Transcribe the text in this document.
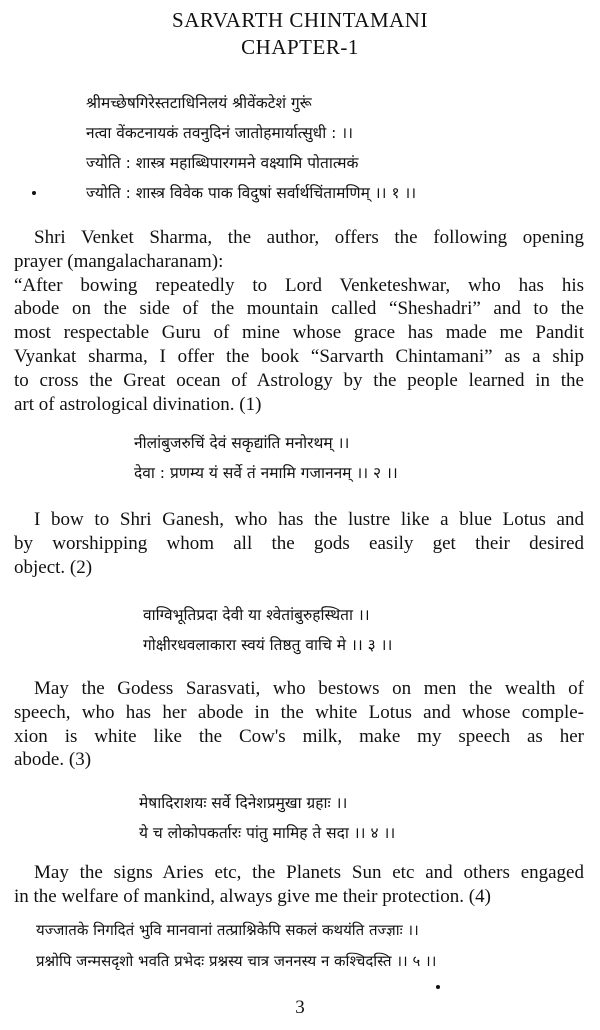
SARVARTH CHINTAMANI
CHAPTER-1
श्रीमच्छेषगिरेस्तटाधिनिलयं श्रीवेंकटेशं गुरूं
नत्वा वेंकटनायकं तवनुदिनं जातोहमार्यात्सुधी : ।।
ज्योति : शास्त्र महाब्धिपारगमने वक्ष्यामि पोतात्मकं
ज्योति : शास्त्र विवेक पाक विदुषां सर्वार्थचिंतामणिम् ।। १ ।।
Shri Venket Sharma, the author, offers the following opening
prayer (mangalacharanam):
“After bowing repeatedly to Lord Venketeshwar, who has his
abode on the side of the mountain called “Sheshadri” and to the
most respectable Guru of mine whose grace has made me Pandit
Vyankat sharma, I offer the book “Sarvarth Chintamani” as a ship
to cross the Great ocean of Astrology by the people learned in the
art of astrological divination. (1)
नीलांबुजरुचिं देवं सकृद्यांति मनोरथम् ।।
देवा : प्रणम्य यं सर्वे तं नमामि गजाननम् ।। २ ।।
I bow to Shri Ganesh, who has the lustre like a blue Lotus and
by worshipping whom all the gods easily get their desired
object. (2)
वाग्विभूतिप्रदा देवी या श्वेतांबुरुहस्थिता ।।
गोक्षीरधवलाकारा स्वयं तिष्ठतु वाचि मे ।। ३ ।।
May the Godess Sarasvati, who bestows on men the wealth of
speech, who has her abode in the white Lotus and whose comple-
xion is white like the Cow's milk, make my speech as her
abode. (3)
मेषादिराशयः सर्वे दिनेशप्रमुखा ग्रहाः ।।
ये च लोकोपकर्तारः पांतु मामिह ते सदा ।। ४ ।।
May the signs Aries etc, the Planets Sun etc and others engaged
in the welfare of mankind, always give me their protection. (4)
यज्जातके निगदितं भुवि मानवानां तत्प्राश्निकेपि सकलं कथयंति तज्ज्ञाः ।।
प्रश्नोपि जन्मसदृशो भवति प्रभेदः प्रश्नस्य चात्र जननस्य न कश्चिदस्ति ।। ५ ।।
3
